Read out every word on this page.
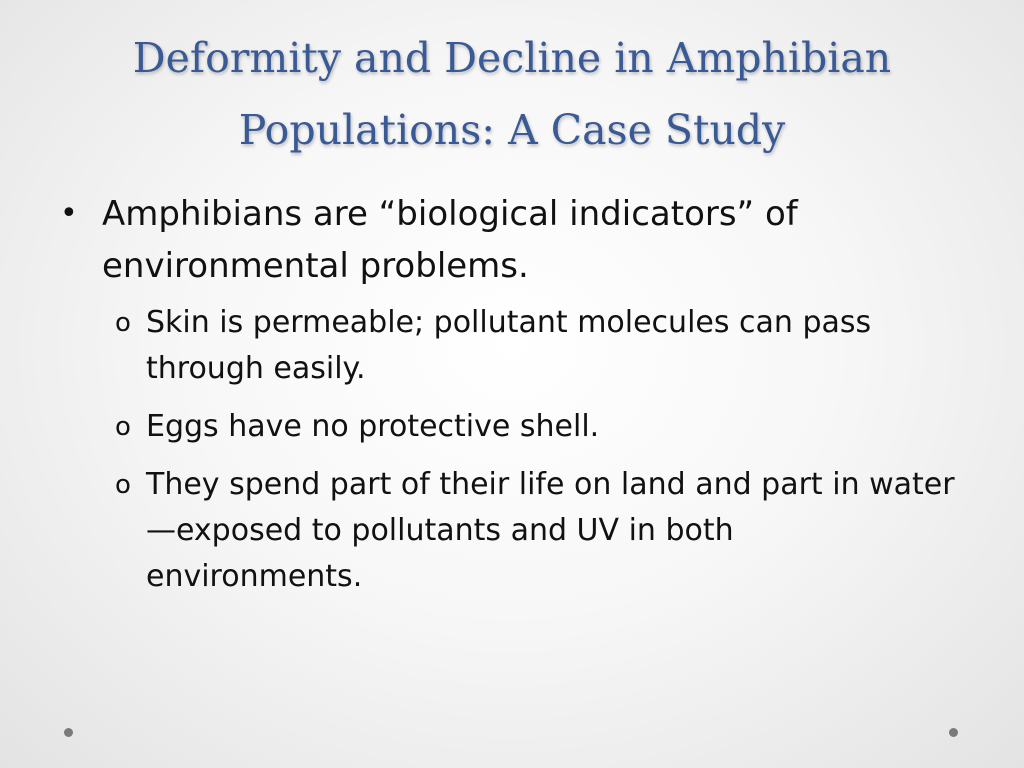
Deformity and Decline in Amphibian
Populations: A Case Study
• Amphibians are “biological indicators” of environmental problems.
o Skin is permeable; pollutant molecules can pass through easily.
o Eggs have no protective shell.
o They spend part of their life on land and part in water—exposed to pollutants and UV in both environments.
